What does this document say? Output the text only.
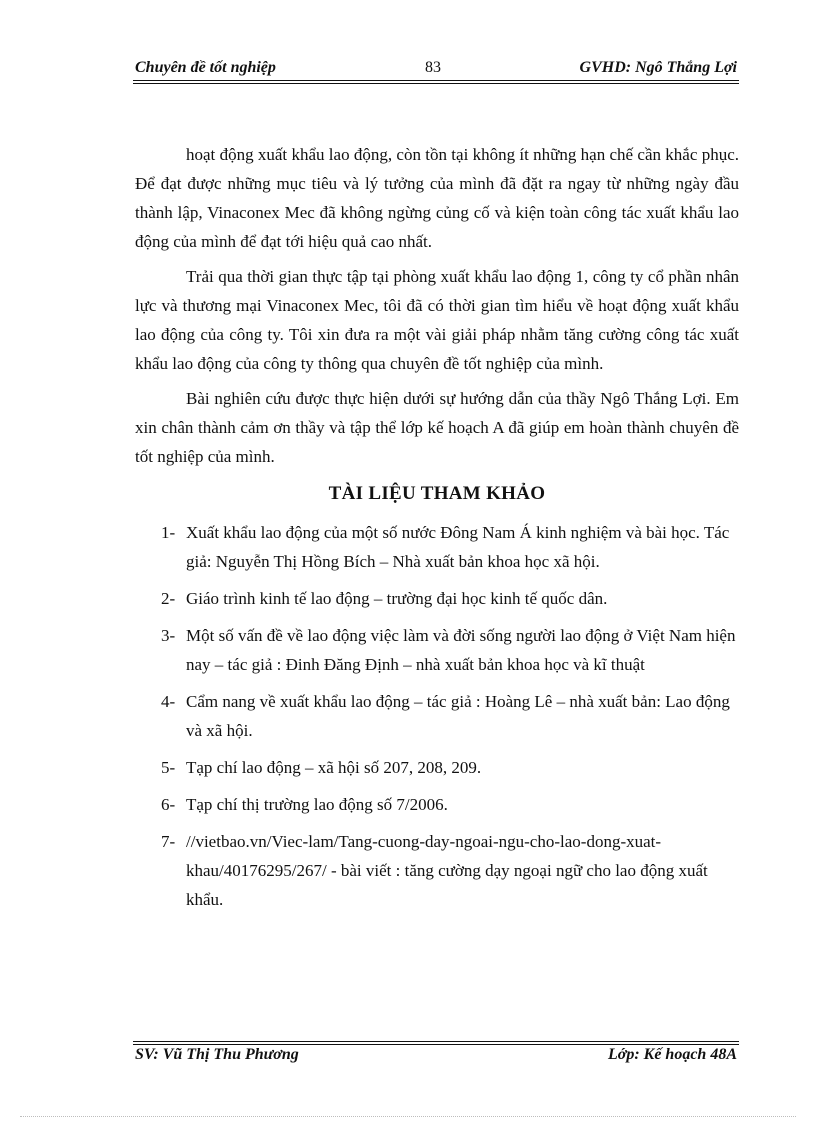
Chuyên đề tốt nghiệp	83	GVHD: Ngô Thắng Lợi

hoạt động xuất khẩu lao động, còn tồn tại không ít những hạn chế cần khắc phục. Để đạt được những mục tiêu và lý tưởng của mình đã đặt ra ngay từ những ngày đầu thành lập, Vinaconex Mec đã không ngừng củng cố và kiện toàn công tác xuất khẩu lao động của mình để đạt tới hiệu quả cao nhất.

Trải qua thời gian thực tập tại phòng xuất khẩu lao động 1, công ty cổ phần nhân lực và thương mại Vinaconex Mec, tôi đã có thời gian tìm hiểu về hoạt động xuất khẩu lao động của công ty. Tôi xin đưa ra một vài giải pháp nhằm tăng cường công tác xuất khẩu lao động của công ty thông qua chuyên đề tốt nghiệp của mình.

Bài nghiên cứu được thực hiện dưới sự hướng dẫn của thầy Ngô Thắng Lợi. Em xin chân thành cảm ơn thầy và tập thể lớp kế hoạch A đã giúp em hoàn thành chuyên đề tốt nghiệp của mình.

TÀI LIỆU THAM KHẢO
1- Xuất khẩu lao động của một số nước Đông Nam Á kinh nghiệm và bài học. Tác giả: Nguyễn Thị Hồng Bích – Nhà xuất bản khoa học xã hội.
2- Giáo trình kinh tế lao động – trường đại học kinh tế quốc dân.
3- Một số vấn đề về lao động việc làm và đời sống người lao động ở Việt Nam hiện nay – tác giả : Đinh Đăng Định – nhà xuất bản khoa học và kĩ thuật
4- Cẩm nang về xuất khẩu lao động – tác giả : Hoàng Lê – nhà xuất bản: Lao động và xã hội.
5- Tạp chí lao động – xã hội số 207, 208, 209.
6- Tạp chí thị trường lao động số 7/2006.
7- //vietbao.vn/Viec-lam/Tang-cuong-day-ngoai-ngu-cho-lao-dong-xuat-khau/40176295/267/ - bài viết : tăng cường dạy ngoại ngữ cho lao động xuất khẩu.
SV: Vũ Thị Thu Phương	Lớp: Kế hoạch 48A
